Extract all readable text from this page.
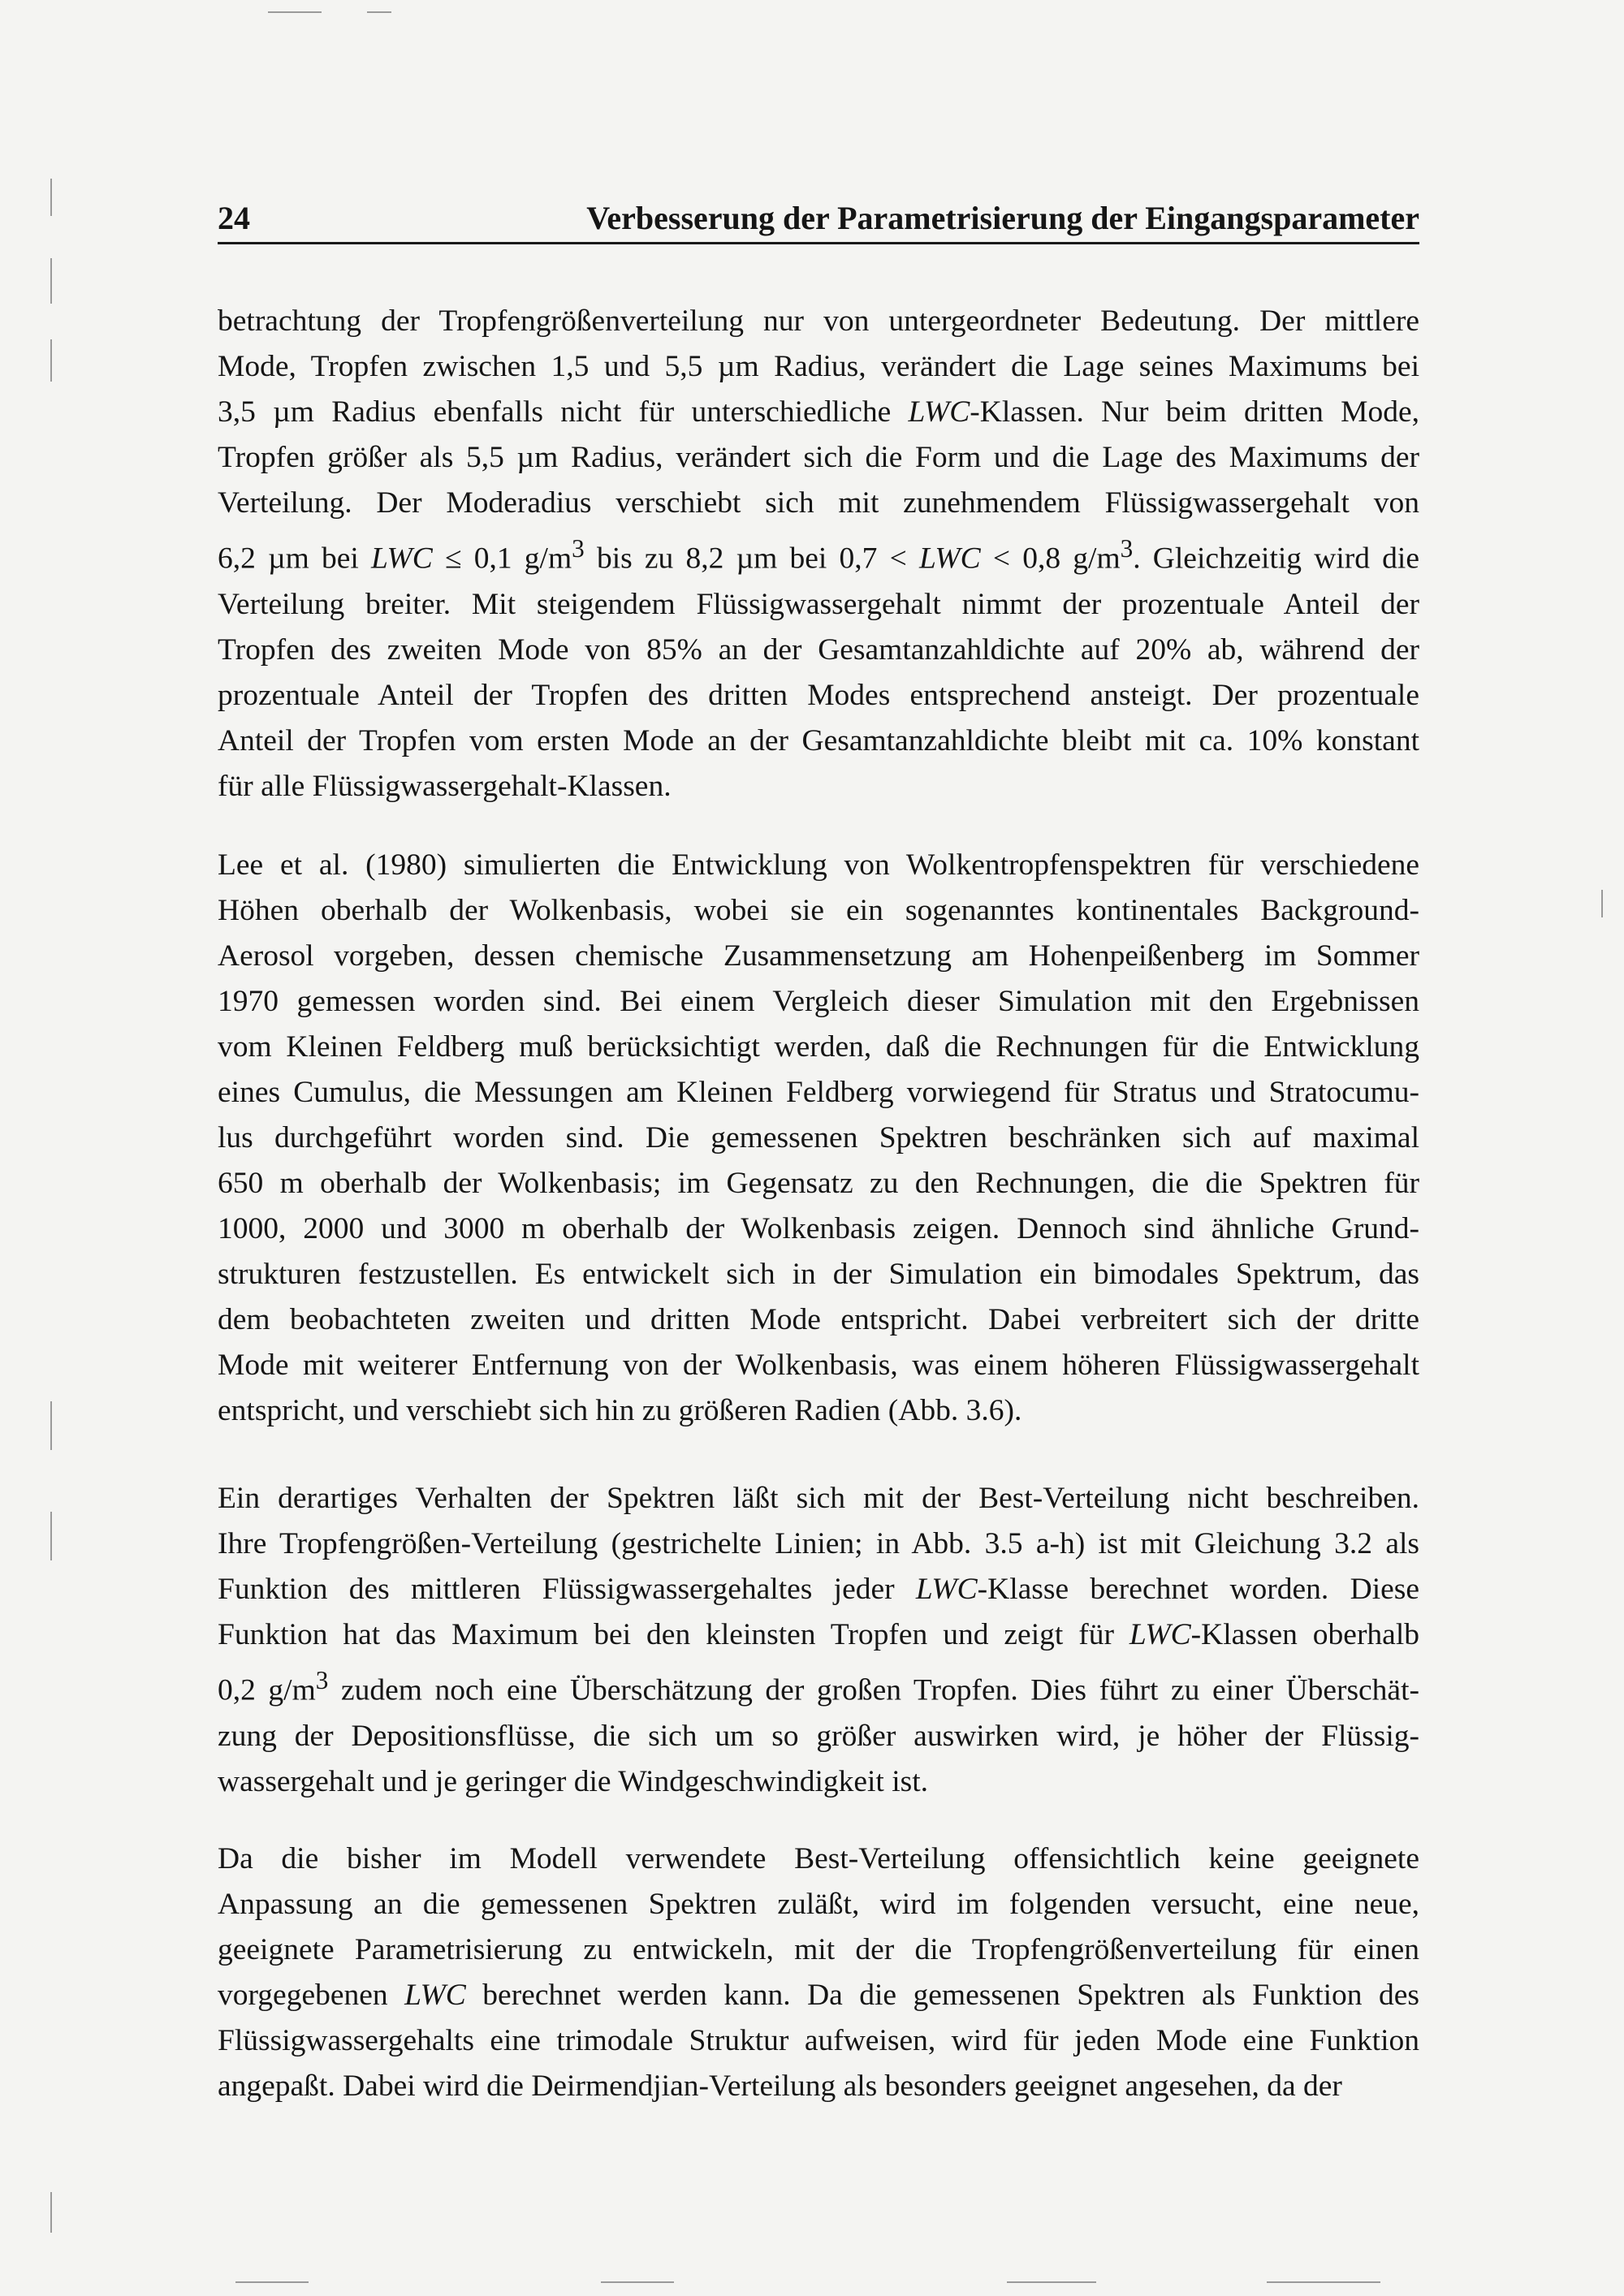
24	Verbesserung der Parametrisierung der Eingangsparameter

betrachtung der Tropfengrößenverteilung nur von untergeordneter Bedeutung. Der mittlere
Mode, Tropfen zwischen 1,5 und 5,5 µm Radius, verändert die Lage seines Maximums bei
3,5 µm Radius ebenfalls nicht für unterschiedliche LWC-Klassen. Nur beim dritten Mode,
Tropfen größer als 5,5 µm Radius, verändert sich die Form und die Lage des Maximums der
Verteilung. Der Moderadius verschiebt sich mit zunehmendem Flüssigwassergehalt von
6,2 µm bei LWC ≤ 0,1 $g/m^3$ bis zu 8,2 µm bei 0,7 < LWC < 0,8 $g/m^3$. Gleichzeitig wird die
Verteilung breiter. Mit steigendem Flüssigwassergehalt nimmt der prozentuale Anteil der
Tropfen des zweiten Mode von 85% an der Gesamtanzahldichte auf 20% ab, während der
prozentuale Anteil der Tropfen des dritten Modes entsprechend ansteigt. Der prozentuale
Anteil der Tropfen vom ersten Mode an der Gesamtanzahldichte bleibt mit ca. 10% konstant
für alle Flüssigwassergehalt-Klassen.

Lee et al. (1980) simulierten die Entwicklung von Wolkentropfenspektren für verschiedene
Höhen oberhalb der Wolkenbasis, wobei sie ein sogenanntes kontinentales Background-
Aerosol vorgeben, dessen chemische Zusammensetzung am Hohenpeißenberg im Sommer
1970 gemessen worden sind. Bei einem Vergleich dieser Simulation mit den Ergebnissen
vom Kleinen Feldberg muß berücksichtigt werden, daß die Rechnungen für die Entwicklung
eines Cumulus, die Messungen am Kleinen Feldberg vorwiegend für Stratus und Stratocumu-
lus durchgeführt worden sind. Die gemessenen Spektren beschränken sich auf maximal
650 m oberhalb der Wolkenbasis; im Gegensatz zu den Rechnungen, die die Spektren für
1000, 2000 und 3000 m oberhalb der Wolkenbasis zeigen. Dennoch sind ähnliche Grund-
strukturen festzustellen. Es entwickelt sich in der Simulation ein bimodales Spektrum, das
dem beobachteten zweiten und dritten Mode entspricht. Dabei verbreitert sich der dritte
Mode mit weiterer Entfernung von der Wolkenbasis, was einem höheren Flüssigwassergehalt
entspricht, und verschiebt sich hin zu größeren Radien (Abb. 3.6).

Ein derartiges Verhalten der Spektren läßt sich mit der Best-Verteilung nicht beschreiben.
Ihre Tropfengrößen-Verteilung (gestrichelte Linien; in Abb. 3.5 a-h) ist mit Gleichung 3.2 als
Funktion des mittleren Flüssigwassergehaltes jeder LWC-Klasse berechnet worden. Diese
Funktion hat das Maximum bei den kleinsten Tropfen und zeigt für LWC-Klassen oberhalb
0,2 $g/m^3$ zudem noch eine Überschätzung der großen Tropfen. Dies führt zu einer Überschät-
zung der Depositionsflüsse, die sich um so größer auswirken wird, je höher der Flüssig-
wassergehalt und je geringer die Windgeschwindigkeit ist.

Da die bisher im Modell verwendete Best-Verteilung offensichtlich keine geeignete
Anpassung an die gemessenen Spektren zuläßt, wird im folgenden versucht, eine neue,
geeignete Parametrisierung zu entwickeln, mit der die Tropfengrößenverteilung für einen
vorgegebenen LWC berechnet werden kann. Da die gemessenen Spektren als Funktion des
Flüssigwassergehalts eine trimodale Struktur aufweisen, wird für jeden Mode eine Funktion
angepaßt. Dabei wird die Deirmendjian-Verteilung als besonders geeignet angesehen, da der
